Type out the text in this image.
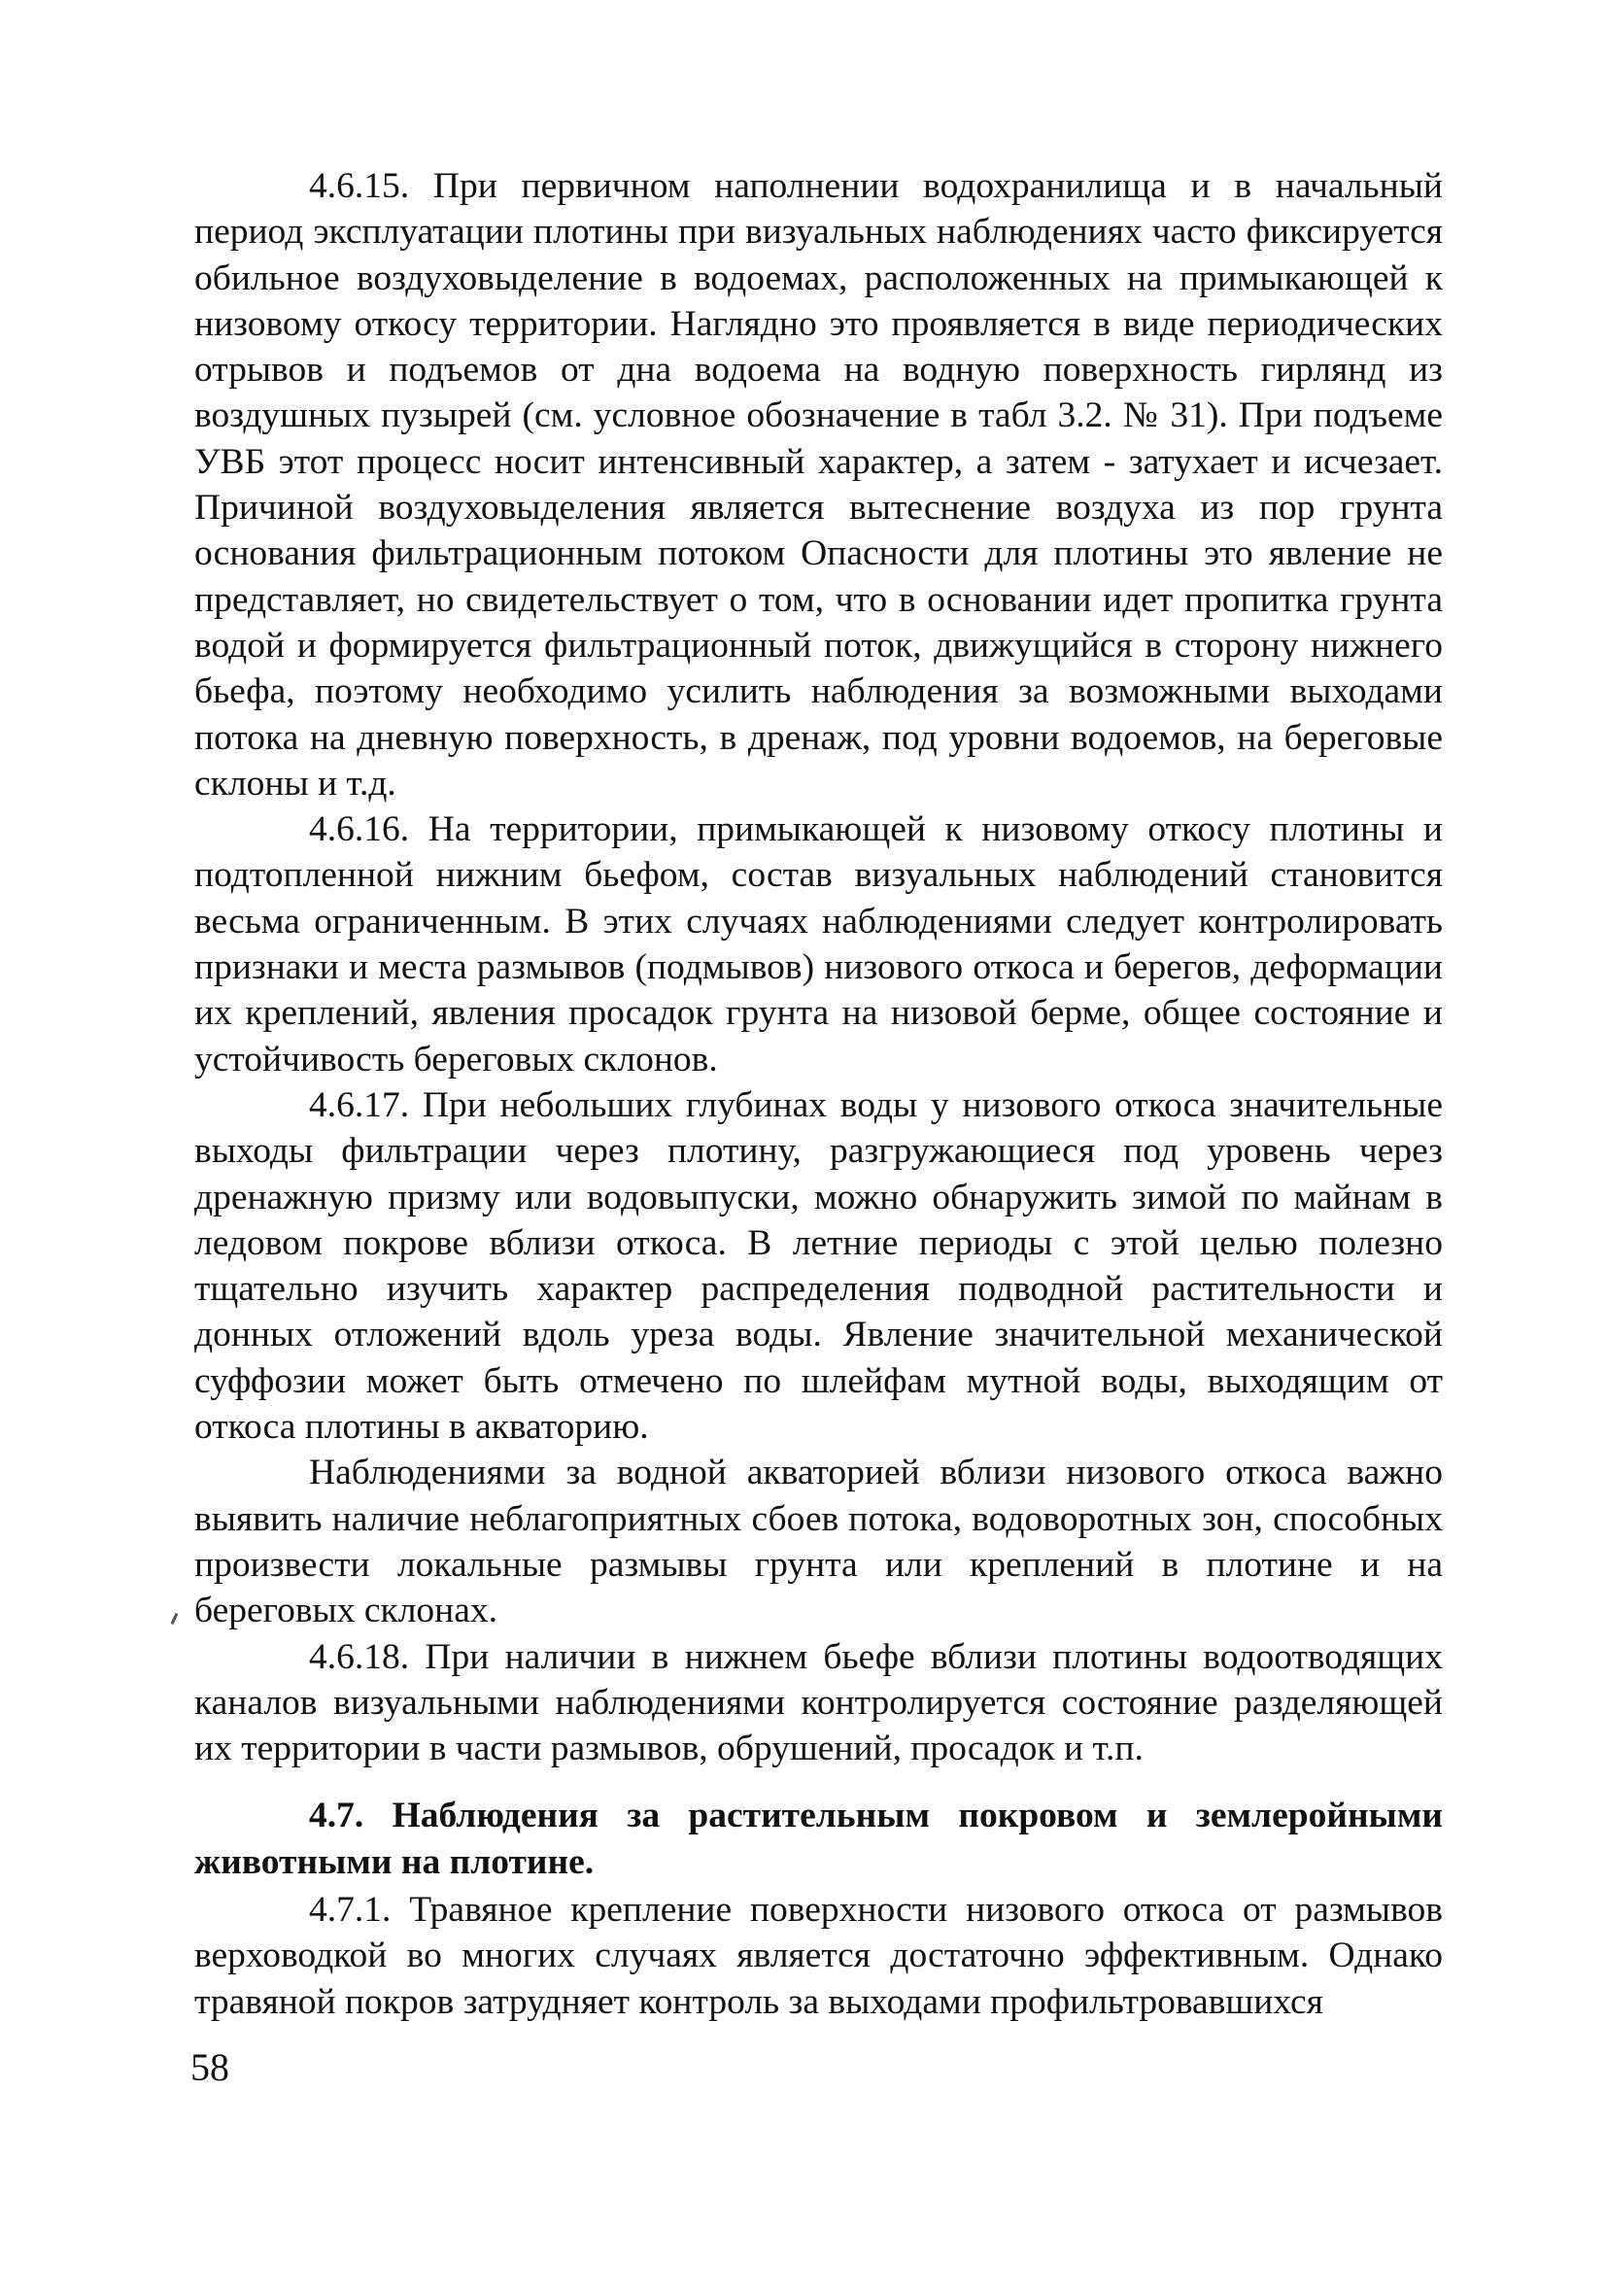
4.6.15. При первичном наполнении водохранилища и в начальный период эксплуатации плотины при визуальных наблюдениях часто фиксируется обильное воздуховыделение в водоемах, расположенных на примыкающей к низовому откосу территории. Наглядно это проявляется в виде периодических отрывов и подъемов от дна водоема на водную поверхность гирлянд из воздушных пузырей (см. условное обозначение в табл 3.2. № 31). При подъеме УВБ этот процесс носит интенсивный характер, а затем - затухает и исчезает. Причиной воздуховыделения является вытеснение воздуха из пор грунта основания фильтрационным потоком Опасности для плотины это явление не представляет, но свидетельствует о том, что в основании идет пропитка грунта водой и формируется фильтрационный поток, движущийся в сторону нижнего бьефа, поэтому необходимо усилить наблюдения за возможными выходами потока на дневную поверхность, в дренаж, под уровни водоемов, на береговые склоны и т.д.

4.6.16. На территории, примыкающей к низовому откосу плотины и подтопленной нижним бьефом, состав визуальных наблюдений становится весьма ограниченным. В этих случаях наблюдениями следует контролировать признаки и места размывов (подмывов) низового откоса и берегов, деформации их креплений, явления просадок грунта на низовой берме, общее состояние и устойчивость береговых склонов.

4.6.17. При небольших глубинах воды у низового откоса значительные выходы фильтрации через плотину, разгружающиеся под уровень через дренажную призму или водовыпуски, можно обнаружить зимой по майнам в ледовом покрове вблизи откоса. В летние периоды с этой целью полезно тщательно изучить характер распределения подводной растительности и донных отложений вдоль уреза воды. Явление значительной механической суффозии может быть отмечено по шлейфам мутной воды, выходящим от откоса плотины в акваторию.

Наблюдениями за водной акваторией вблизи низового откоса важно выявить наличие неблагоприятных сбоев потока, водоворотных зон, способных произвести локальные размывы грунта или креплений в плотине и на береговых склонах.

4.6.18. При наличии в нижнем бьефе вблизи плотины водоотводящих каналов визуальными наблюдениями контролируется состояние разделяющей их территории в части размывов, обрушений, просадок и т.п.

4.7. Наблюдения за растительным покровом и землеройными животными на плотине.

4.7.1. Травяное крепление поверхности низового откоса от размывов верховодкой во многих случаях является достаточно эффективным. Однако травяной покров затрудняет контроль за выходами профильтровавшихся

58
